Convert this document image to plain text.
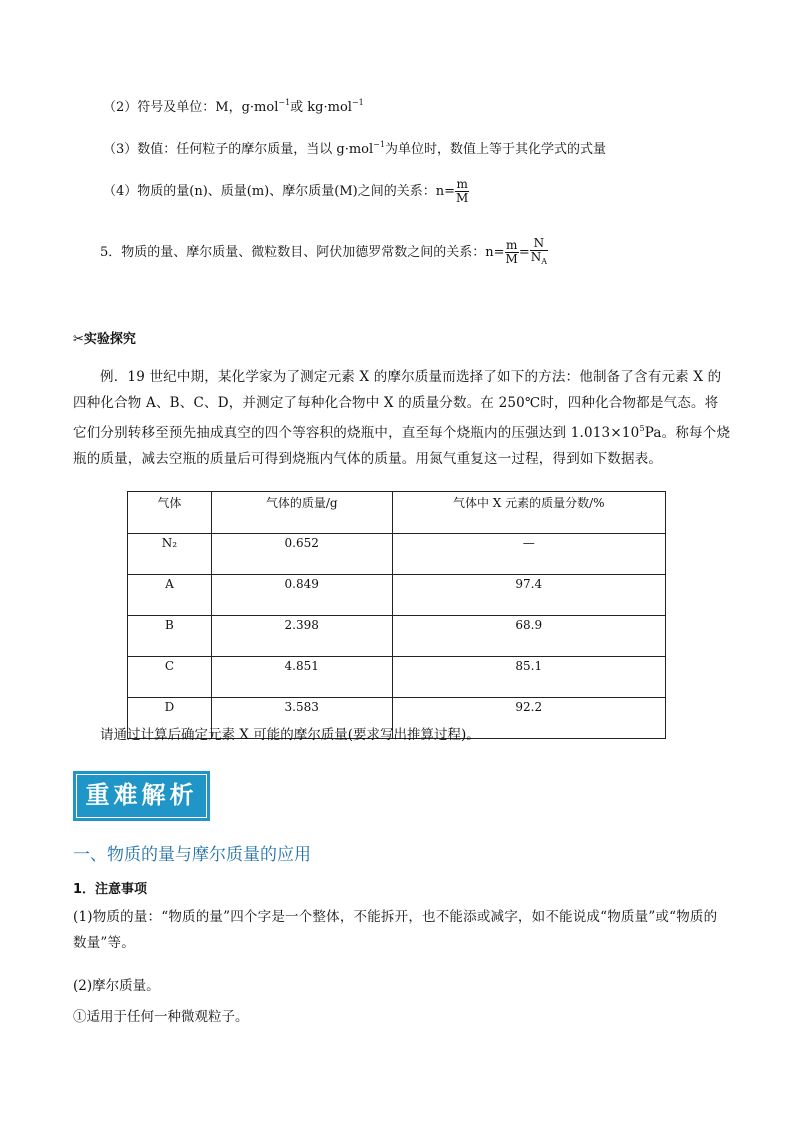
（2）符号及单位：M，g·mol$^{-1}$或 kg·mol$^{-1}$
（3）数值：任何粒子的摩尔质量，当以 g·mol$^{-1}$为单位时，数值上等于其化学式的式量
（4）物质的量(n)、质量(m)、摩尔质量(M)之间的关系：$n= \frac{m}{M}$
5．物质的量、摩尔质量、微粒数目、阿伏加德罗常数之间的关系：$n= \frac{m}{M} = \frac{N}{N_A}$
✂实验探究
例．19 世纪中期，某化学家为了测定元素 X 的摩尔质量而选择了如下的方法：他制备了含有元素 X 的
四种化合物 A、B、C、D，并测定了每种化合物中 X 的质量分数。在 250℃时，四种化合物都是气态。将
它们分别转移至预先抽成真空的四个等容积的烧瓶中，直至每个烧瓶内的压强达到 $1.013\times 10^5Pa$。称每个烧
瓶的质量，减去空瓶的质量后可得到烧瓶内气体的质量。用氮气重复这一过程，得到如下数据表。
气体	气体的质量/g	气体中 X 元素的质量分数/%
N₂	0.652	—
A	0.849	97.4
B	2.398	68.9
C	4.851	85.1
D	3.583	92.2
请通过计算后确定元素 X 可能的摩尔质量(要求写出推算过程)。
重难解析
一、物质的量与摩尔质量的应用
1．注意事项
(1)物质的量：“物质的量”四个字是一个整体，不能拆开，也不能添或减字，如不能说成“物质量”或“物质的
数量”等。
(2)摩尔质量。
①适用于任何一种微观粒子。
